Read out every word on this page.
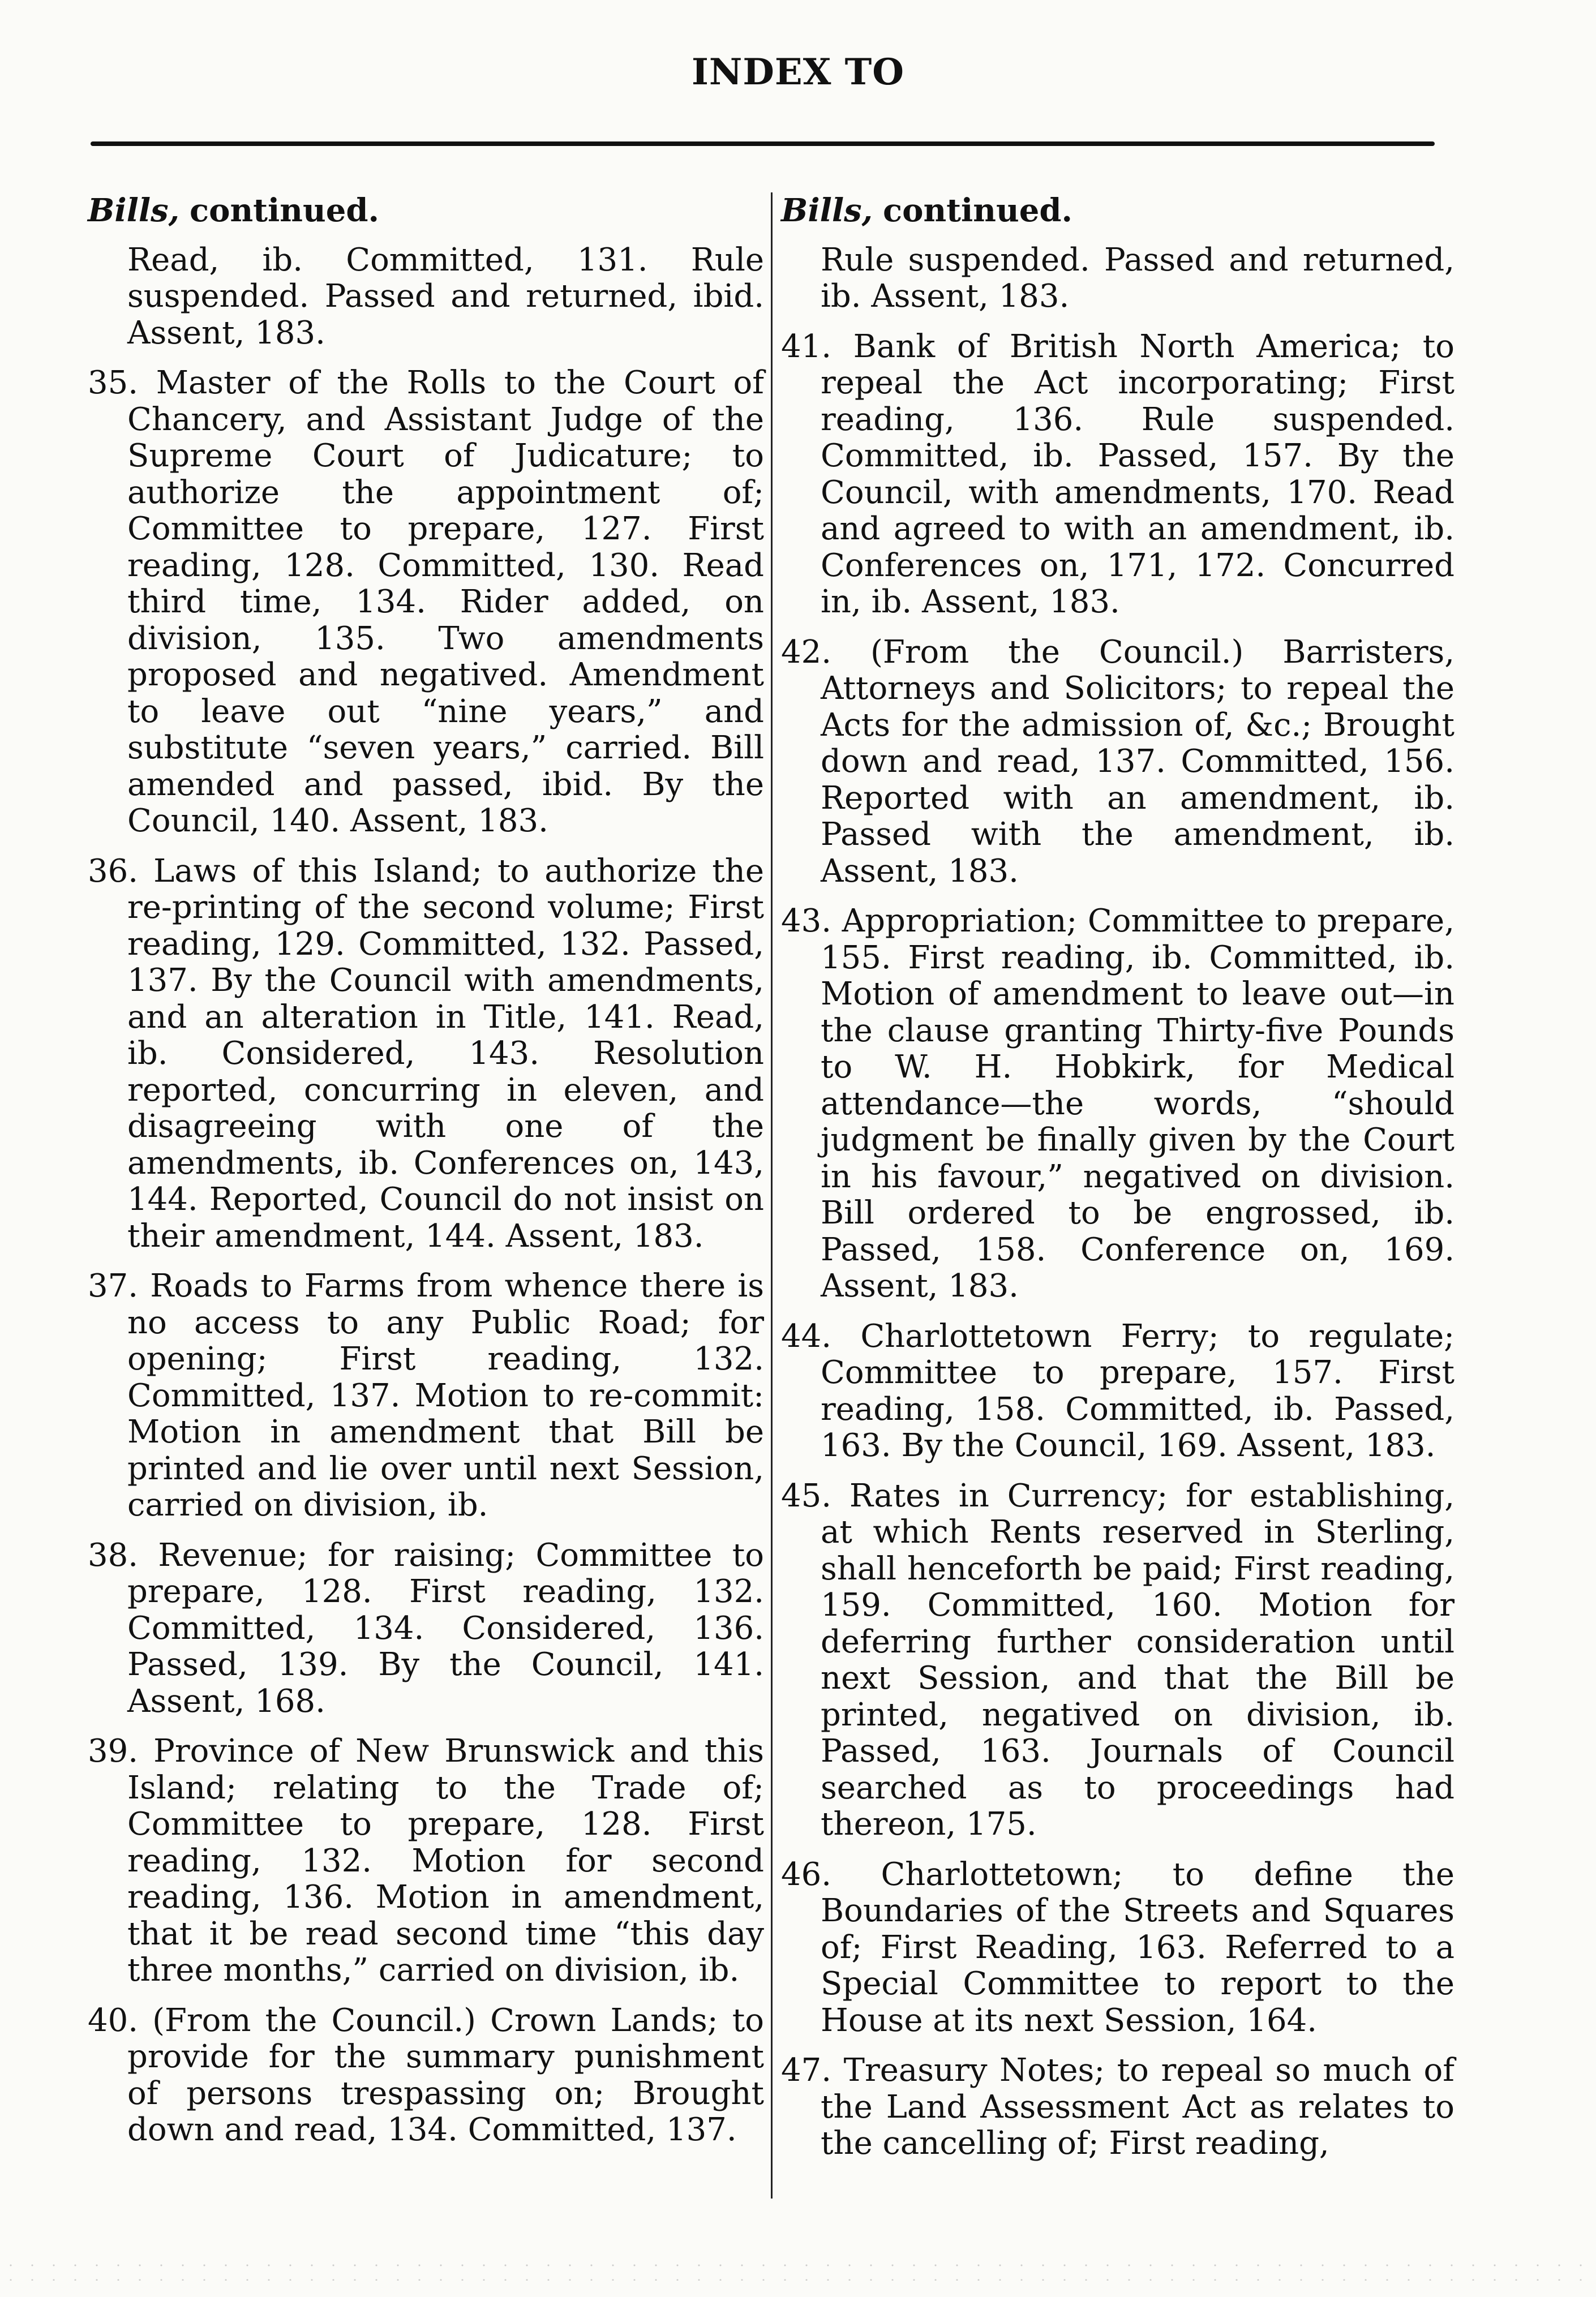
INDEX TO

Bills, continued.

Read, ib. Committed, 131. Rule suspended. Passed and returned, ibid. Assent, 183.

35. Master of the Rolls to the Court of Chancery, and Assistant Judge of the Supreme Court of Judicature; to authorize the appointment of; Committee to prepare, 127. First reading, 128. Committed, 130. Read third time, 134. Rider added, on division, 135. Two amendments proposed and negatived. Amendment to leave out “nine years,” and substitute “seven years,” carried. Bill amended and passed, ibid. By the Council, 140. Assent, 183.

36. Laws of this Island; to authorize the re-printing of the second volume; First reading, 129. Committed, 132. Passed, 137. By the Council with amendments, and an alteration in Title, 141. Read, ib. Considered, 143. Resolution reported, concurring in eleven, and disagreeing with one of the amendments, ib. Conferences on, 143, 144. Reported, Council do not insist on their amendment, 144. Assent, 183.

37. Roads to Farms from whence there is no access to any Public Road; for opening; First reading, 132. Committed, 137. Motion to re-commit: Motion in amendment that Bill be printed and lie over until next Session, carried on division, ib.

38. Revenue; for raising; Committee to prepare, 128. First reading, 132. Committed, 134. Considered, 136. Passed, 139. By the Council, 141. Assent, 168.

39. Province of New Brunswick and this Island; relating to the Trade of; Committee to prepare, 128. First reading, 132. Motion for second reading, 136. Motion in amendment, that it be read second time “this day three months,” carried on division, ib.

40. (From the Council.) Crown Lands; to provide for the summary punishment of persons trespassing on; Brought down and read, 134. Committed, 137.

Bills, continued.

Rule suspended. Passed and returned, ib. Assent, 183.

41. Bank of British North America; to repeal the Act incorporating; First reading, 136. Rule suspended. Committed, ib. Passed, 157. By the Council, with amendments, 170. Read and agreed to with an amendment, ib. Conferences on, 171, 172. Concurred in, ib. Assent, 183.

42. (From the Council.) Barristers, Attorneys and Solicitors; to repeal the Acts for the admission of, &c.; Brought down and read, 137. Committed, 156. Reported with an amendment, ib. Passed with the amendment, ib. Assent, 183.

43. Appropriation; Committee to prepare, 155. First reading, ib. Committed, ib. Motion of amendment to leave out—in the clause granting Thirty-five Pounds to W. H. Hobkirk, for Medical attendance—the words, “should judgment be finally given by the Court in his favour,” negatived on division. Bill ordered to be engrossed, ib. Passed, 158. Conference on, 169. Assent, 183.

44. Charlottetown Ferry; to regulate; Committee to prepare, 157. First reading, 158. Committed, ib. Passed, 163. By the Council, 169. Assent, 183.

45. Rates in Currency; for establishing, at which Rents reserved in Sterling, shall henceforth be paid; First reading, 159. Committed, 160. Motion for deferring further consideration until next Session, and that the Bill be printed, negatived on division, ib. Passed, 163. Journals of Council searched as to proceedings had thereon, 175.

46. Charlottetown; to define the Boundaries of the Streets and Squares of; First Reading, 163. Referred to a Special Committee to report to the House at its next Session, 164.

47. Treasury Notes; to repeal so much of the Land Assessment Act as relates to the cancelling of; First reading,
